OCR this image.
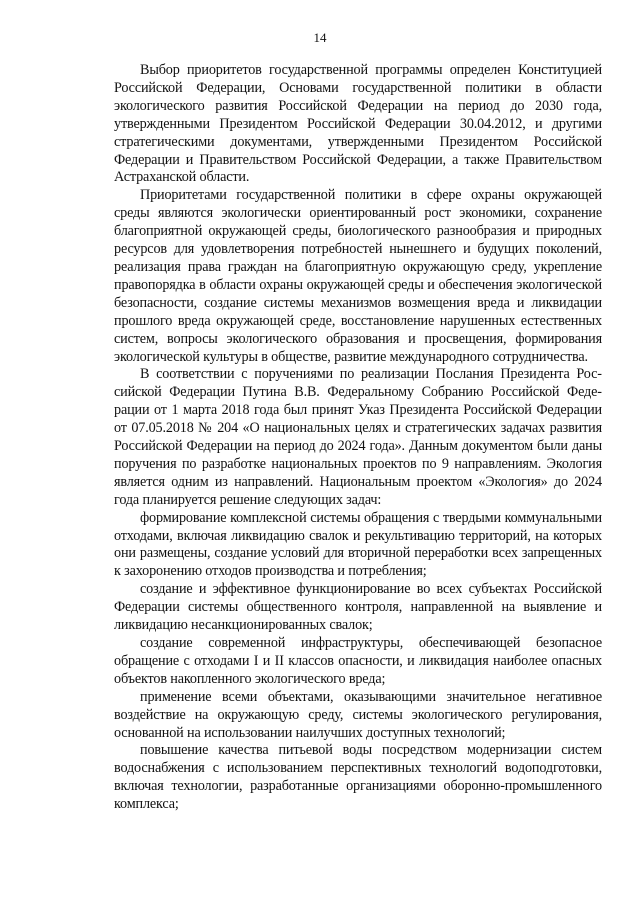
14

Выбор приоритетов государственной программы определен Конституцией Российской Федерации, Основами государственной политики в области экологического развития Российской Федерации на период до 2030 года, утвержденными Президентом Российской Федерации 30.04.2012, и другими стратегическими документами, утвержденными Президентом Российской Федерации и Правительством Российской Федерации, а также Правительством Астраханской области.

Приоритетами государственной политики в сфере охраны окружающей среды являются экологически ориентированный рост экономики, сохранение благоприятной окружающей среды, биологического разнообразия и природных ресурсов для удовлетворения потребностей нынешнего и будущих поколений, реализация права граждан на благоприятную окружающую среду, укрепление правопорядка в области охраны окружающей среды и обеспечения экологической безопасности, создание системы механизмов возмещения вреда и ликвидации прошлого вреда окружающей среде, восстановление нарушенных естественных систем, вопросы экологического образования и просвещения, формирования экологической культуры в обществе, развитие международного сотрудничества.

В соответствии с поручениями по реализации Послания Президента Российской Федерации Путина В.В. Федеральному Собранию Российской Федерации от 1 марта 2018 года был принят Указ Президента Российской Федерации от 07.05.2018 № 204 «О национальных целях и стратегических задачах развития Российской Федерации на период до 2024 года». Данным документом были даны поручения по разработке национальных проектов по 9 направлениям. Экология является одним из направлений. Национальным проектом «Экология» до 2024 года планируется решение следующих задач:

формирование комплексной системы обращения с твердыми коммунальными отходами, включая ликвидацию свалок и рекультивацию территорий, на которых они размещены, создание условий для вторичной переработки всех запрещенных к захоронению отходов производства и потребления;

создание и эффективное функционирование во всех субъектах Российской Федерации системы общественного контроля, направленной на выявление и ликвидацию несанкционированных свалок;

создание современной инфраструктуры, обеспечивающей безопасное обращение с отходами I и II классов опасности, и ликвидация наиболее опасных объектов накопленного экологического вреда;

применение всеми объектами, оказывающими значительное негативное воздействие на окружающую среду, системы экологического регулирования, основанной на использовании наилучших доступных технологий;

повышение качества питьевой воды посредством модернизации систем водоснабжения с использованием перспективных технологий водоподготовки, включая технологии, разработанные организациями оборонно-промышленного комплекса;
